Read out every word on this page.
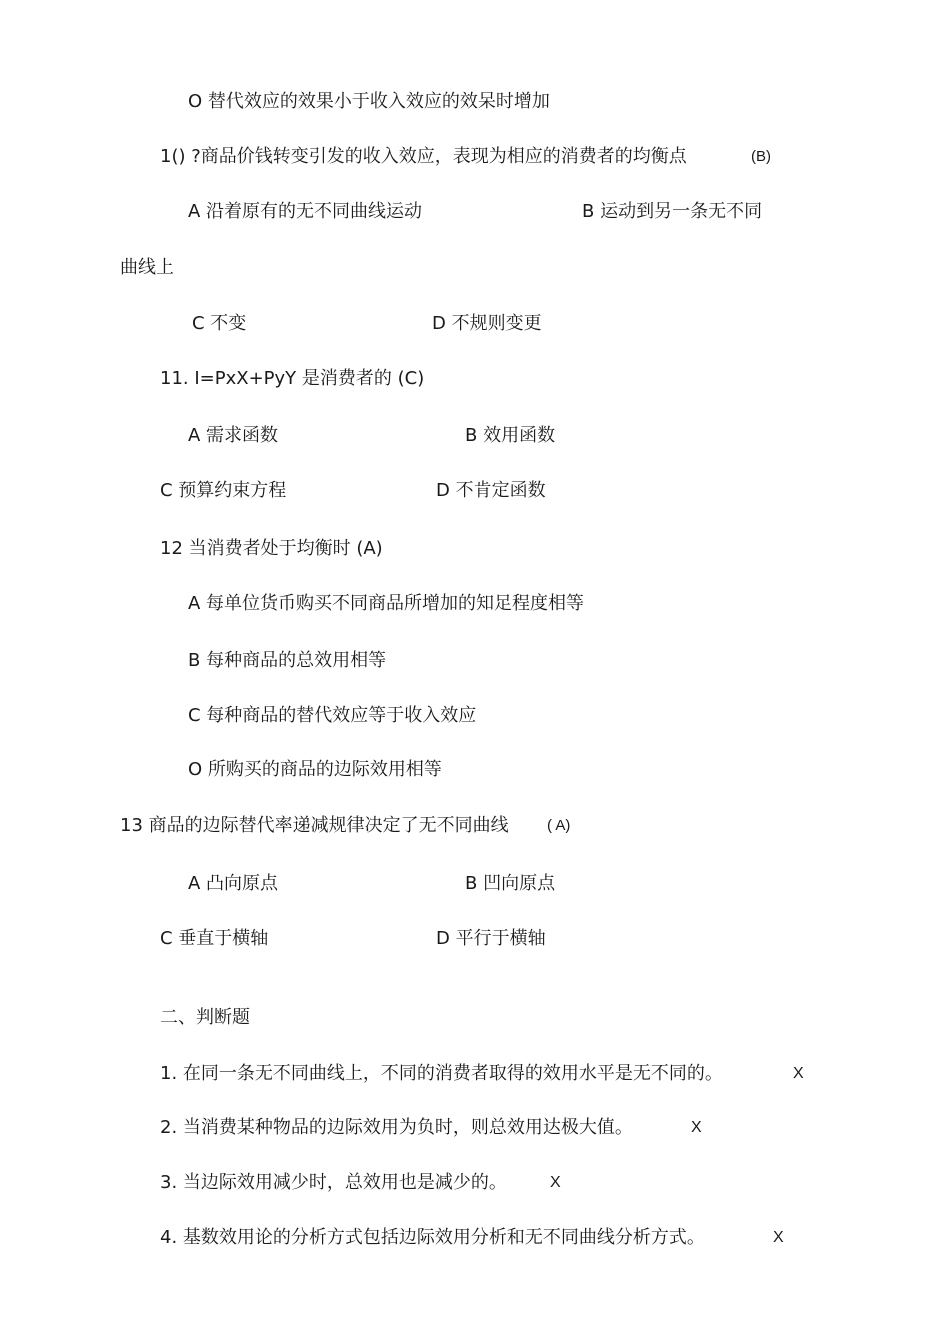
O 替代效应的效果小于收入效应的效呆时增加
1() ?商品价钱转变引发的收入效应，表现为相应的消费者的均衡点	(B)
A 沿着原有的无不同曲线运动	B 运动到另一条无不同
曲线上
C 不变	D 不规则变更
11. I=PxX+PyY 是消费者的 (C)
A 需求函数	B 效用函数
C 预算约束方程	D 不肯定函数
12 当消费者处于均衡时 (A)
A 每单位货币购买不同商品所增加的知足程度相等
B 每种商品的总效用相等
C 每种商品的替代效应等于收入效应
O 所购买的商品的边际效用相等
13 商品的边际替代率递减规律决定了无不同曲线	( A)
A 凸向原点	B 凹向原点
C 垂直于横轴	D 平行于横轴
二、判断题
1. 在同一条无不同曲线上，不同的消费者取得的效用水平是无不同的。	X
2. 当消费某种物品的边际效用为负时，则总效用达极大值。	X
3. 当边际效用减少时，总效用也是减少的。	X
4. 基数效用论的分析方式包括边际效用分析和无不同曲线分析方式。	X
